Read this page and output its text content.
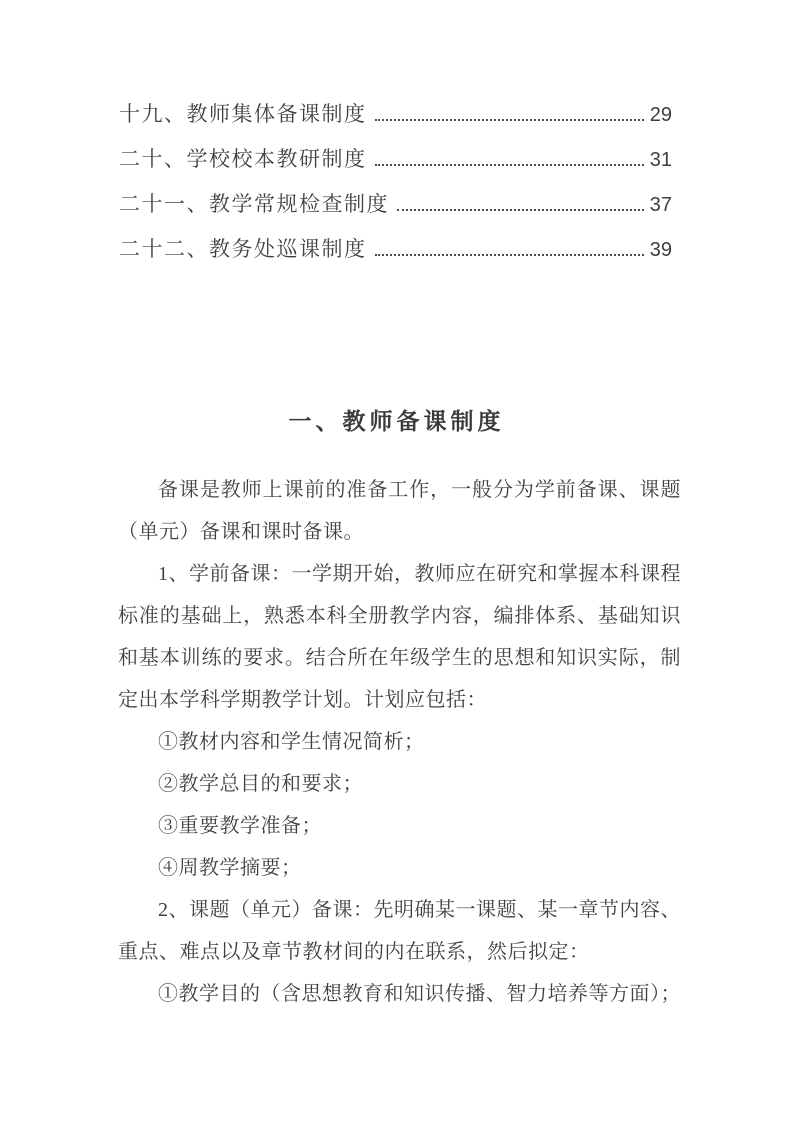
十九、教师集体备课制度	29
二十、学校校本教研制度	31
二十一、教学常规检查制度	37
二十二、教务处巡课制度	39
一、教师备课制度

备课是教师上课前的准备工作，一般分为学前备课、课题（单元）备课和课时备课。

1、学前备课：一学期开始，教师应在研究和掌握本科课程标准的基础上，熟悉本科全册教学内容，编排体系、基础知识和基本训练的要求。结合所在年级学生的思想和知识实际，制定出本学科学期教学计划。计划应包括：

①教材内容和学生情况简析；

②教学总目的和要求；

③重要教学准备；

④周教学摘要；

2、课题（单元）备课：先明确某一课题、某一章节内容、重点、难点以及章节教材间的内在联系，然后拟定：

①教学目的（含思想教育和知识传播、智力培养等方面）；
